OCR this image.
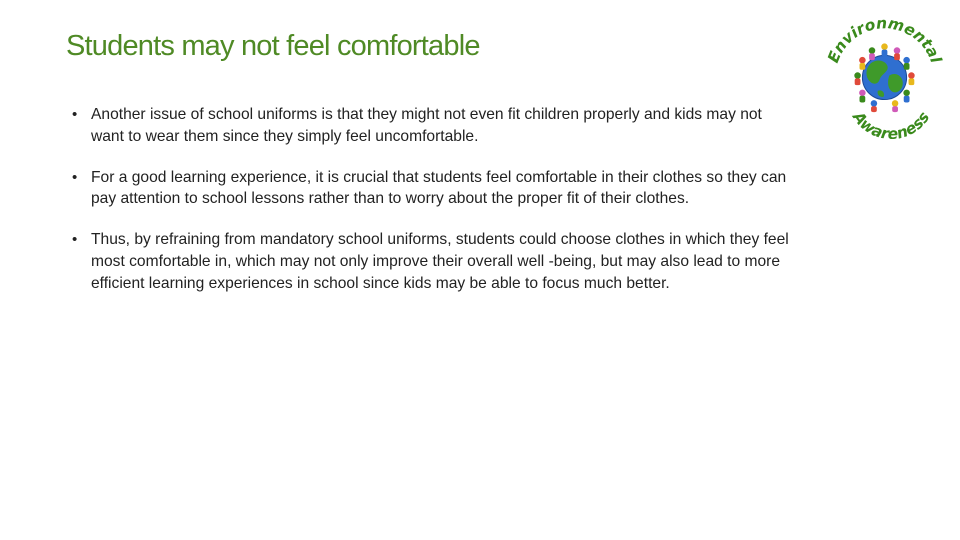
Students may not feel comfortable
• Another issue of school uniforms is that they might not even fit children properly and kids may not want to wear them since they simply feel uncomfortable.
• For a good learning experience, it is crucial that students feel comfortable in their clothes so they can pay attention to school lessons rather than to worry about the proper fit of their clothes.
• Thus, by refraining from mandatory school uniforms, students could choose clothes in which they feel most comfortable in, which may not only improve their overall well -being, but may also lead to more efficient learning experiences in school since kids may be able to focus much better.
Environmental
Awareness
